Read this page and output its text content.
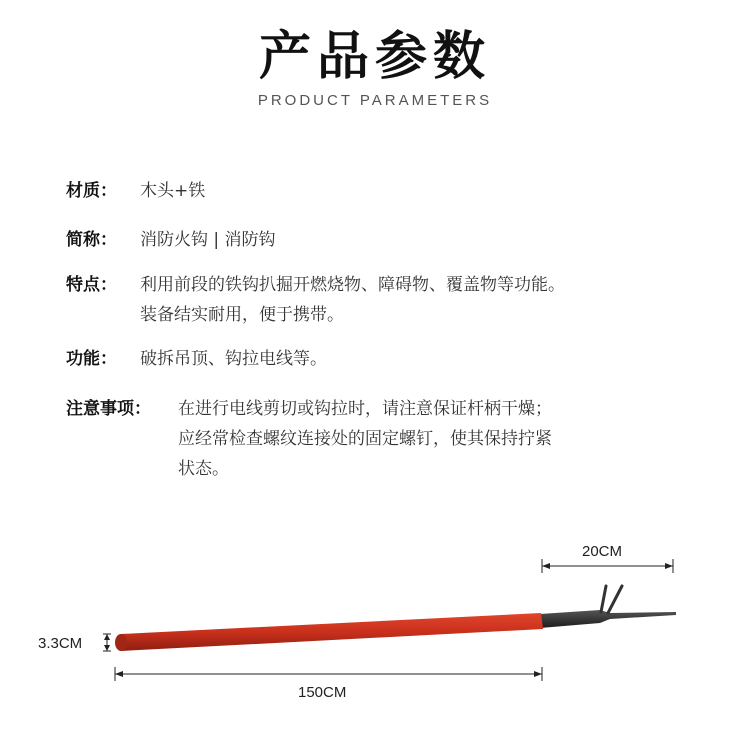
产品参数
PRODUCT PARAMETERS
材质：	木头+铁
简称：	消防火钩 | 消防钩
特点：	利用前段的铁钩扒掘开燃烧物、障碍物、覆盖物等功能。
装备结实耐用，便于携带。
功能：	破拆吊顶、钩拉电线等。
注意事项：	在进行电线剪切或钩拉时，请注意保证杆柄干燥；
应经常检查螺纹连接处的固定螺钉，使其保持拧紧
状态。
20CM
3.3CM
150CM
